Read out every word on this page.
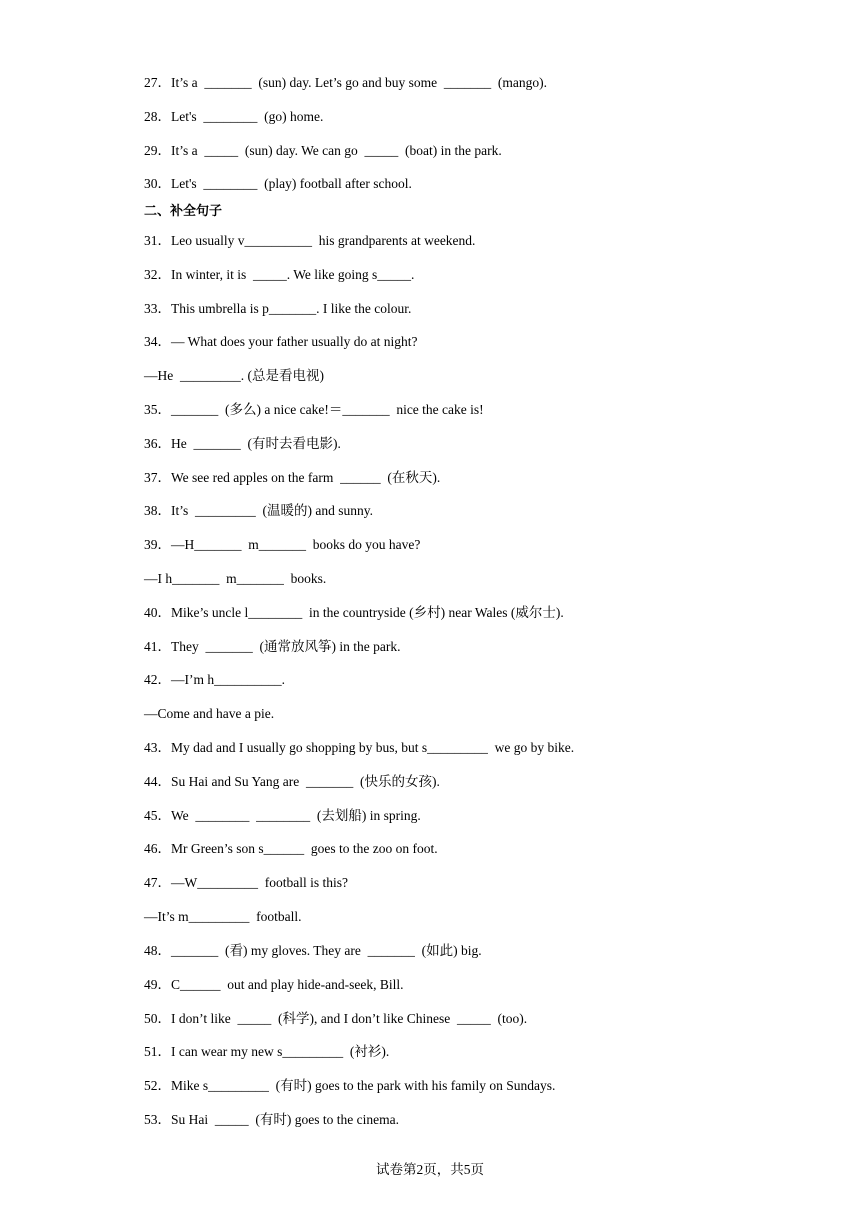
27．It’s a  _______  (sun) day. Let’s go and buy some  _______  (mango).
28．Let's  ________  (go) home.
29．It’s a  _____  (sun) day. We can go  _____  (boat) in the park.
30．Let's  ________  (play) football after school.
二、补全句子
31．Leo usually v__________  his grandparents at weekend.
32．In winter, it is  _____. We like going s_____.
33．This umbrella is p_______. I like the colour.
34．— What does your father usually do at night?
—He  _________. (总是看电视)
35．_______  (多么) a nice cake!＝_______  nice the cake is!
36．He  _______  (有时去看电影).
37．We see red apples on the farm  ______  (在秋天).
38．It’s  _________  (温暖的) and sunny.
39．—H_______  m_______  books do you have?
—I h_______  m_______  books.
40．Mike’s uncle l________  in the countryside (乡村) near Wales (威尔士).
41．They  _______  (通常放风筝) in the park.
42．—I’m h__________.
—Come and have a pie.
43．My dad and I usually go shopping by bus, but s_________  we go by bike.
44．Su Hai and Su Yang are  _______  (快乐的女孩).
45．We  ________  ________  (去划船) in spring.
46．Mr Green’s son s______  goes to the zoo on foot.
47．—W_________  football is this?
—It’s m_________  football.
48．_______  (看) my gloves. They are  _______  (如此) big.
49．C______  out and play hide-and-seek, Bill.
50．I don’t like  _____  (科学), and I don’t like Chinese  _____  (too).
51．I can wear my new s_________  (衬衫).
52．Mike s_________  (有时) goes to the park with his family on Sundays.
53．Su Hai  _____  (有时) goes to the cinema.
试卷第2页，共5页
